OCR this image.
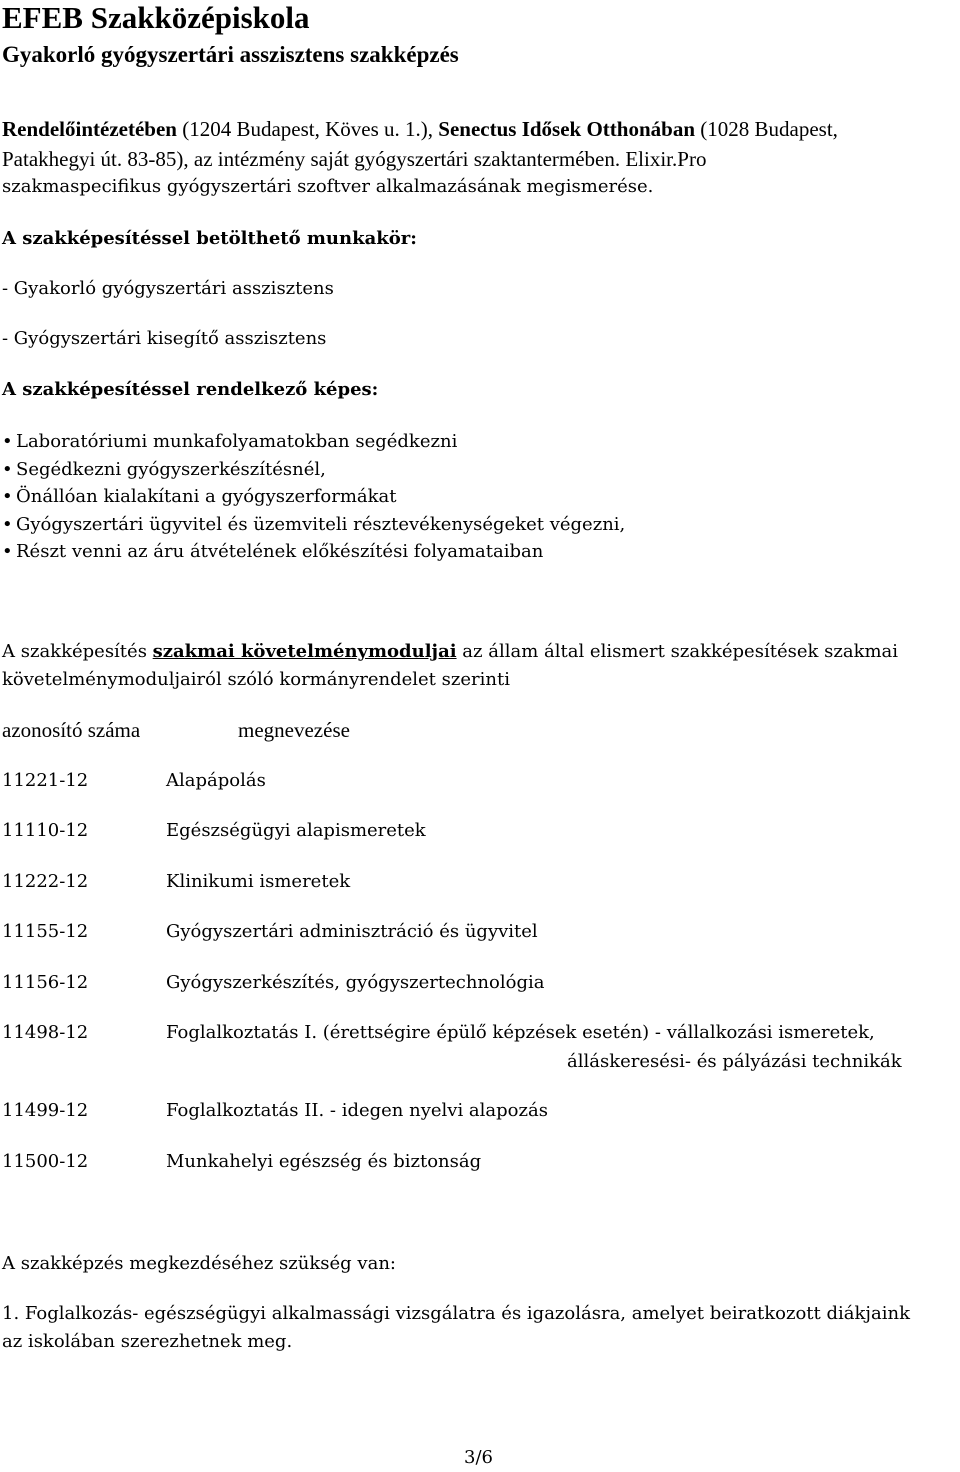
EFEB Szakközépiskola
Gyakorló gyógyszertári asszisztens szakképzés
Rendelőintézetében (1204 Budapest, Köves u. 1.), Senectus Idősek Otthonában (1028 Budapest,
Patakhegyi út. 83-85), az intézmény saját gyógyszertári szaktantermében. Elixir.Pro
szakmaspecifikus gyógyszertári szoftver alkalmazásának megismerése.
A szakképesítéssel betölthető munkakör:
- Gyakorló gyógyszertári asszisztens
- Gyógyszertári kisegítő asszisztens
A szakképesítéssel rendelkező képes:
• Laboratóriumi munkafolyamatokban segédkezni
• Segédkezni gyógyszerkészítésnél,
• Önállóan kialakítani a gyógyszerformákat
• Gyógyszertári ügyvitel és üzemviteli résztevékenységeket végezni,
• Részt venni az áru átvételének előkészítési folyamataiban
A szakképesítés szakmai követelménymoduljai az állam által elismert szakképesítések szakmai
követelménymoduljairól szóló kormányrendelet szerinti
azonosító száma	megnevezése
11221-12	Alapápolás
11110-12	Egészségügyi alapismeretek
11222-12	Klinikumi ismeretek
11155-12	Gyógyszertári adminisztráció és ügyvitel
11156-12	Gyógyszerkészítés, gyógyszertechnológia
11498-12	Foglalkoztatás I. (érettségire épülő képzések esetén) - vállalkozási ismeretek,
álláskeresési- és pályázási technikák
11499-12	Foglalkoztatás II. - idegen nyelvi alapozás
11500-12	Munkahelyi egészség és biztonság
A szakképzés megkezdéséhez szükség van:
1. Foglalkozás- egészségügyi alkalmassági vizsgálatra és igazolásra, amelyet beiratkozott diákjaink
az iskolában szerezhetnek meg.
3/6
